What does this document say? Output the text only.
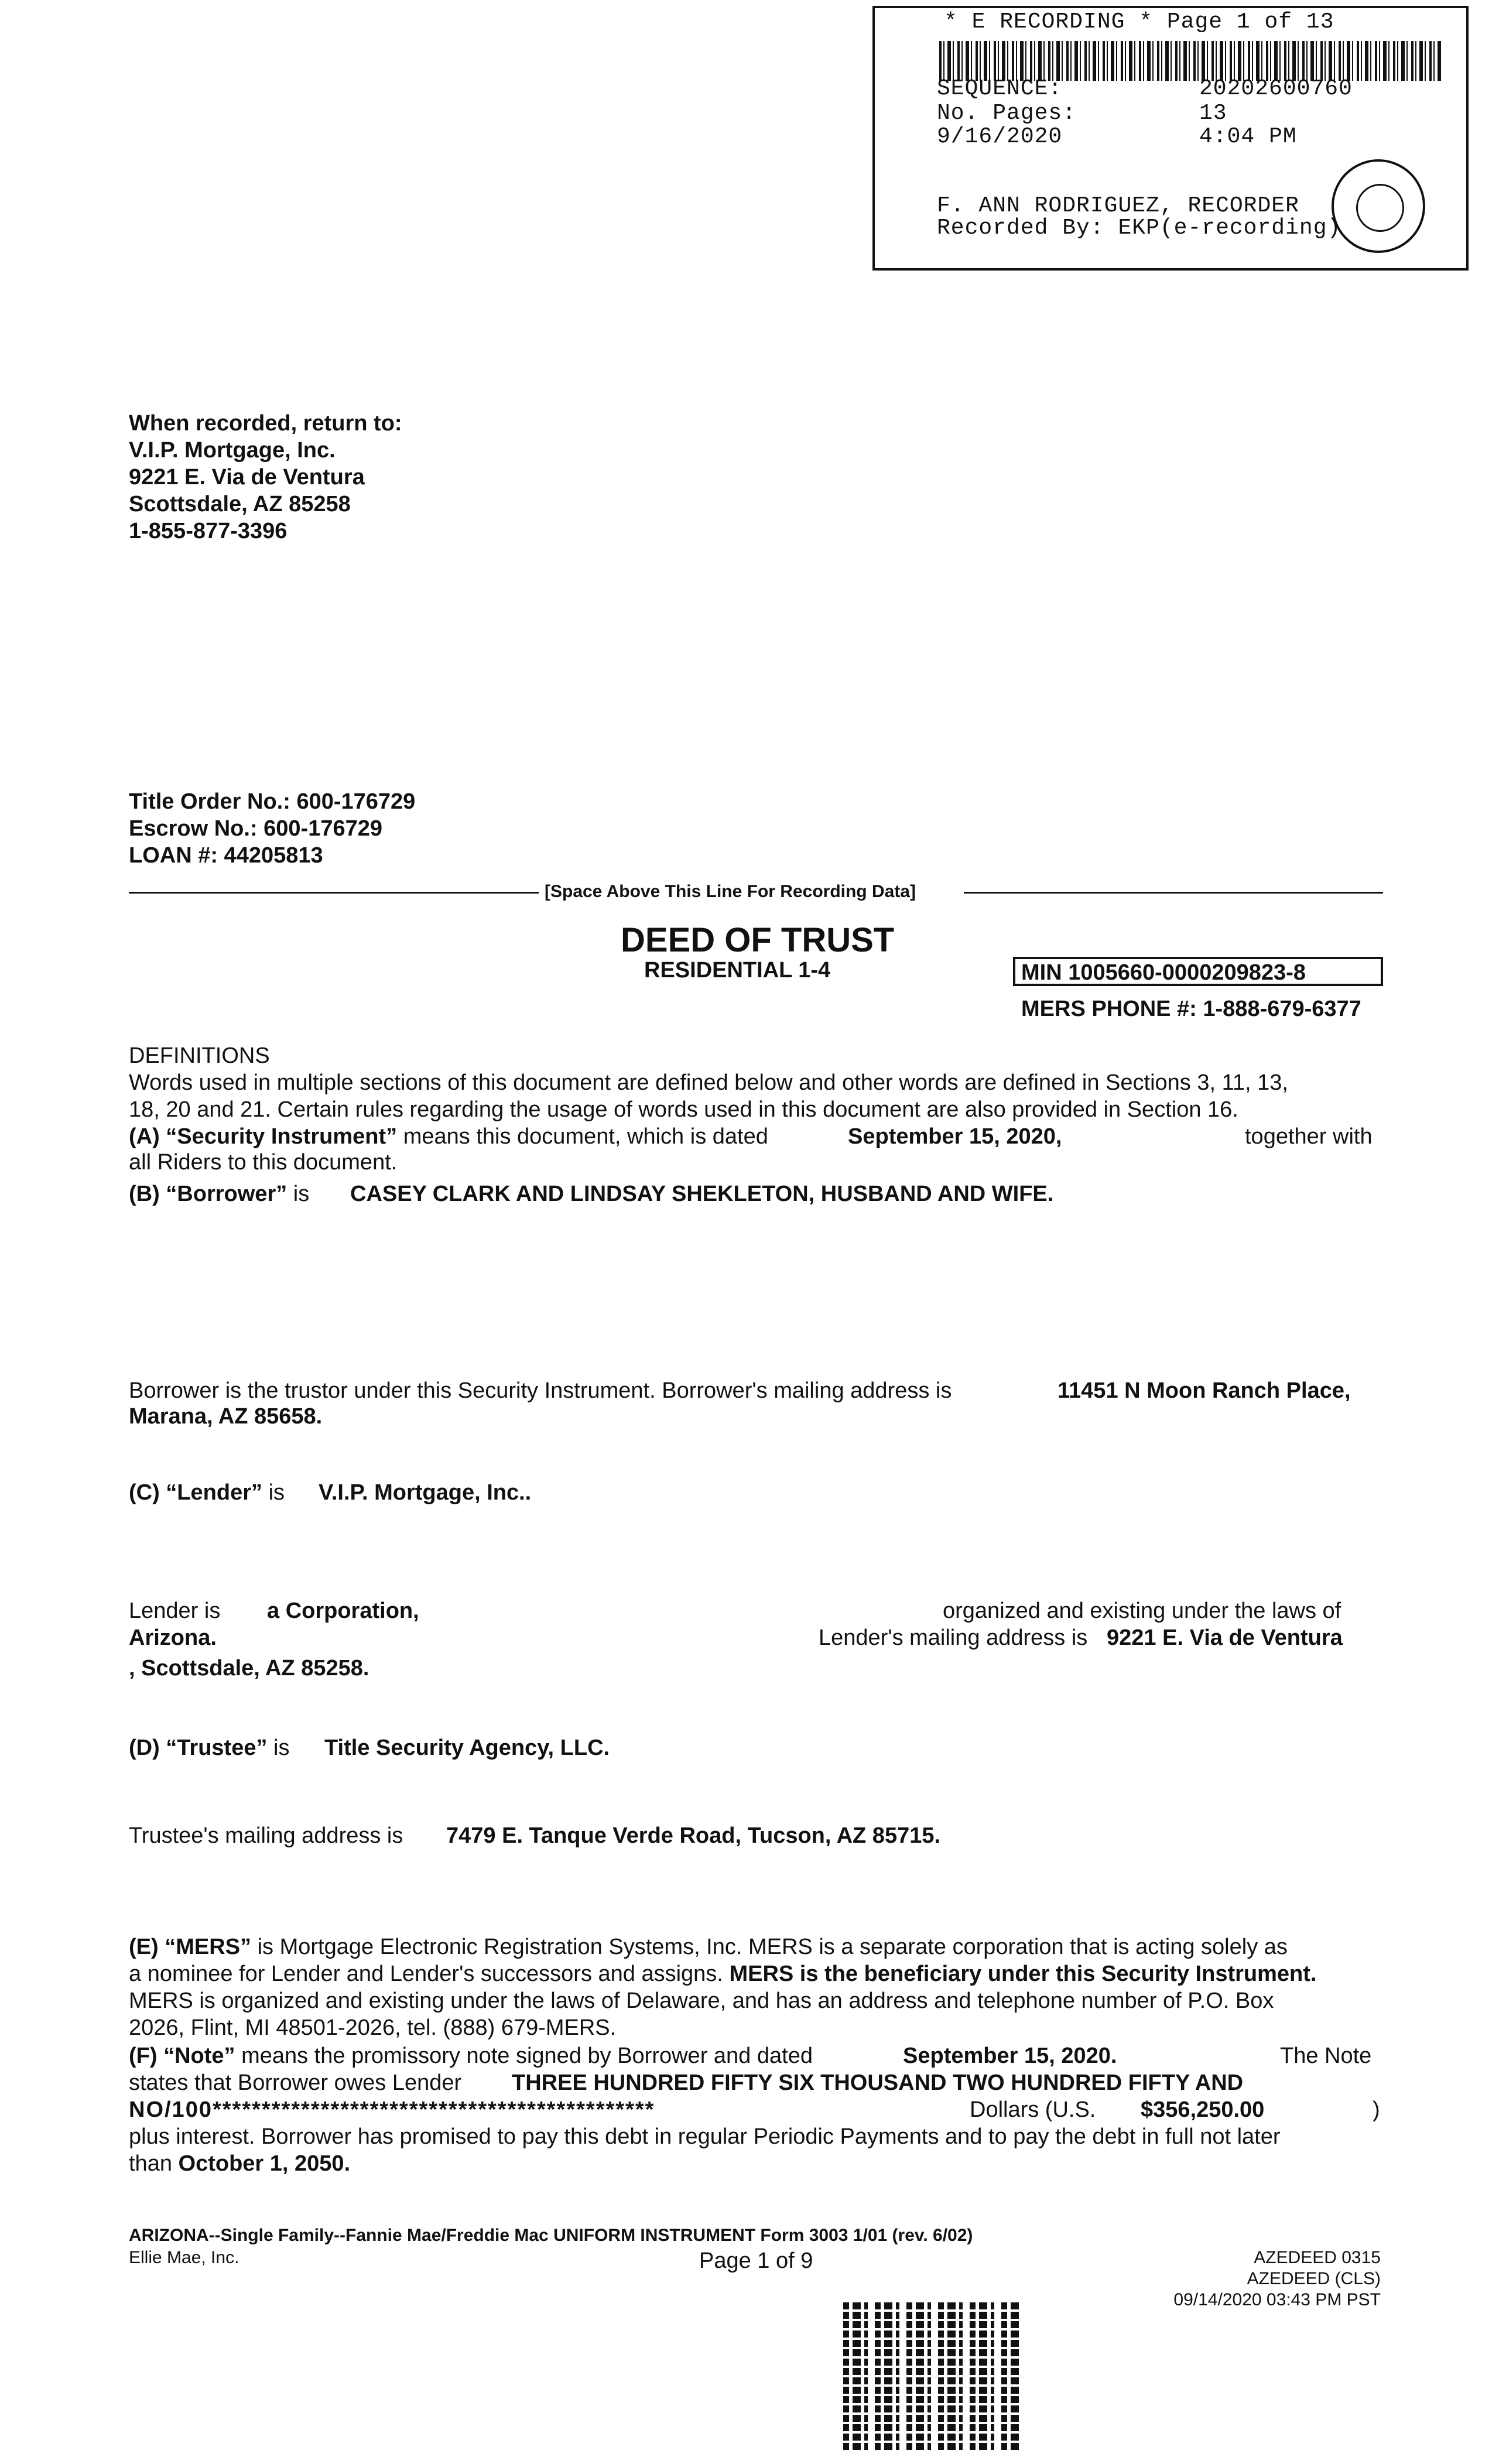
* E RECORDING * Page 1 of 13
SEQUENCE:	20202600760
No. Pages:	13
9/16/2020	4:04 PM
F. ANN RODRIGUEZ, RECORDER
Recorded By: EKP(e-recording)
When recorded, return to:
V.I.P. Mortgage, Inc.
9221 E. Via de Ventura
Scottsdale, AZ 85258
1-855-877-3396
Title Order No.: 600-176729
Escrow No.: 600-176729
LOAN #: 44205813
[Space Above This Line For Recording Data]
DEED OF TRUST
RESIDENTIAL 1-4	MIN 1005660-0000209823-8
MERS PHONE #: 1-888-679-6377
DEFINITIONS
Words used in multiple sections of this document are defined below and other words are defined in Sections 3, 11, 13,
18, 20 and 21. Certain rules regarding the usage of words used in this document are also provided in Section 16.
(A) “Security Instrument” means this document, which is dated	September 15, 2020,	together with
all Riders to this document.
(B) “Borrower” is CASEY CLARK AND LINDSAY SHEKLETON, HUSBAND AND WIFE.
Borrower is the trustor under this Security Instrument. Borrower's mailing address is	11451 N Moon Ranch Place,
Marana, AZ 85658.
(C) “Lender” is V.I.P. Mortgage, Inc..
Lender is a Corporation,	organized and existing under the laws of
Arizona.	Lender's mailing address is 9221 E. Via de Ventura
, Scottsdale, AZ 85258.
(D) “Trustee” is Title Security Agency, LLC.
Trustee's mailing address is 7479 E. Tanque Verde Road, Tucson, AZ 85715.
(E) “MERS” is Mortgage Electronic Registration Systems, Inc. MERS is a separate corporation that is acting solely as
a nominee for Lender and Lender's successors and assigns. MERS is the beneficiary under this Security Instrument.
MERS is organized and existing under the laws of Delaware, and has an address and telephone number of P.O. Box
2026, Flint, MI 48501-2026, tel. (888) 679-MERS.
(F) “Note” means the promissory note signed by Borrower and dated	September 15, 2020.	The Note
states that Borrower owes Lender THREE HUNDRED FIFTY SIX THOUSAND TWO HUNDRED FIFTY AND
NO/100*********************************************	Dollars (U.S. $356,250.00	)
plus interest. Borrower has promised to pay this debt in regular Periodic Payments and to pay the debt in full not later
than October 1, 2050.
ARIZONA--Single Family--Fannie Mae/Freddie Mac UNIFORM INSTRUMENT Form 3003 1/01 (rev. 6/02)
Ellie Mae, Inc.	Page 1 of 9	AZEDEED 0315
AZEDEED (CLS)
09/14/2020 03:43 PM PST
